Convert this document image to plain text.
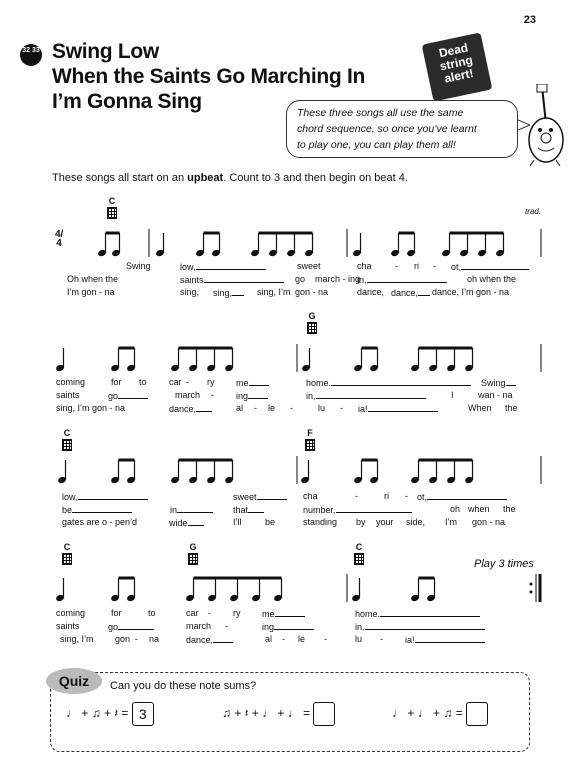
23
32 33 Swing Low
When the Saints Go Marching In
I’m Gonna Sing
Dead string alert!
These three songs all use the same
chord sequence, so once you’ve learnt
to play one, you can play them all!
These songs all start on an upbeat. Count to 3 and then begin on beat 4.
trad.
C
G
C	F
C	G	C
4/4
Swing	low,	sweet	cha	- ri - ot,
Oh when the	saints	go march - ing
in,	oh when the
I’m gon - na	sing, sing,	sing, I’m gon - na	dance, dance,	dance, I’m gon - na
coming	for to car - ry me	home.	Swing
saints	go	march - ing	in,	I	wan - na
sing, I’m gon - na	dance,	al - le -	lu - ia!	When the
low,	sweet	cha	-	ri - ot,
be	in	that	number,	oh when the
gates are o - pen’d	wide	I’ll	be	standing by your side, I’m gon - na
coming	for	to	car - ry me	home.
saints	go	march -	ing	in.
sing, I’m gon - na	dance,	al - le -	lu - ia!
Play 3 times
Quiz	Can you do these note sums?
♩ + ♫ + 𝄽 = 3	♫ + 𝄽 + ♩ + ♩ =	♩ + ♩ + ♫ =
